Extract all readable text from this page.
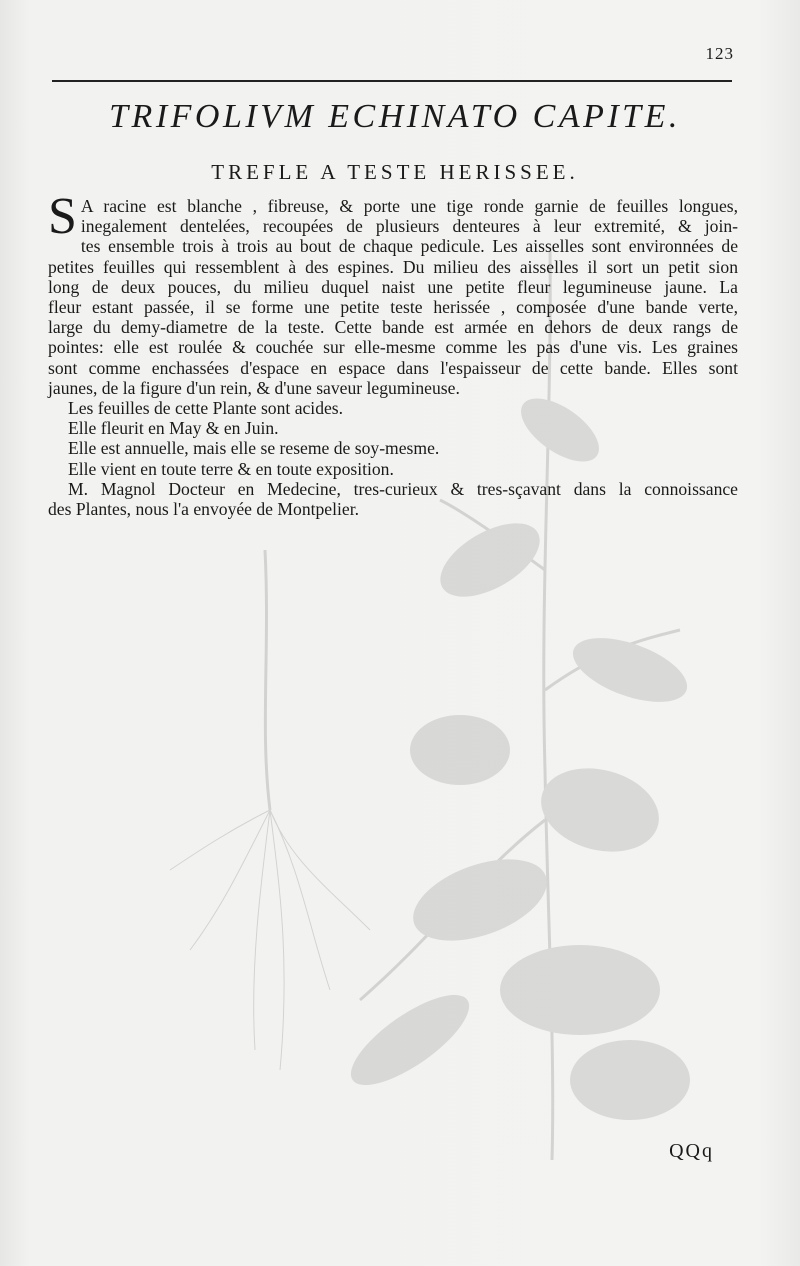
123
TRIFOLIVM ECHINATO CAPITE.
TREFLE A TESTE HERISSEE.
S A racine est blanche , fibreuse, & porte une tige ronde garnie de feuilles longues,
inegalement dentelées, recoupées de plusieurs denteures à leur extremité, & join-
tes ensemble trois à trois au bout de chaque pedicule. Les aisselles sont environnées de
petites feuilles qui ressemblent à des espines. Du milieu des aisselles il sort un petit sion
long de deux pouces, du milieu duquel naist une petite fleur legumineuse jaune. La
fleur estant passée, il se forme une petite teste herissée , composée d'une bande verte,
large du demy-diametre de la teste. Cette bande est armée en dehors de deux rangs de
pointes: elle est roulée & couchée sur elle-mesme comme les pas d'une vis. Les graines
sont comme enchassées d'espace en espace dans l'espaisseur de cette bande. Elles sont
jaunes, de la figure d'un rein, & d'une saveur legumineuse.
Les feuilles de cette Plante sont acides.
Elle fleurit en May & en Juin.
Elle est annuelle, mais elle se reseme de soy-mesme.
Elle vient en toute terre & en toute exposition.
M. Magnol Docteur en Medecine, tres-curieux & tres-sçavant dans la connoissance
des Plantes, nous l'a envoyée de Montpelier.
QQq
